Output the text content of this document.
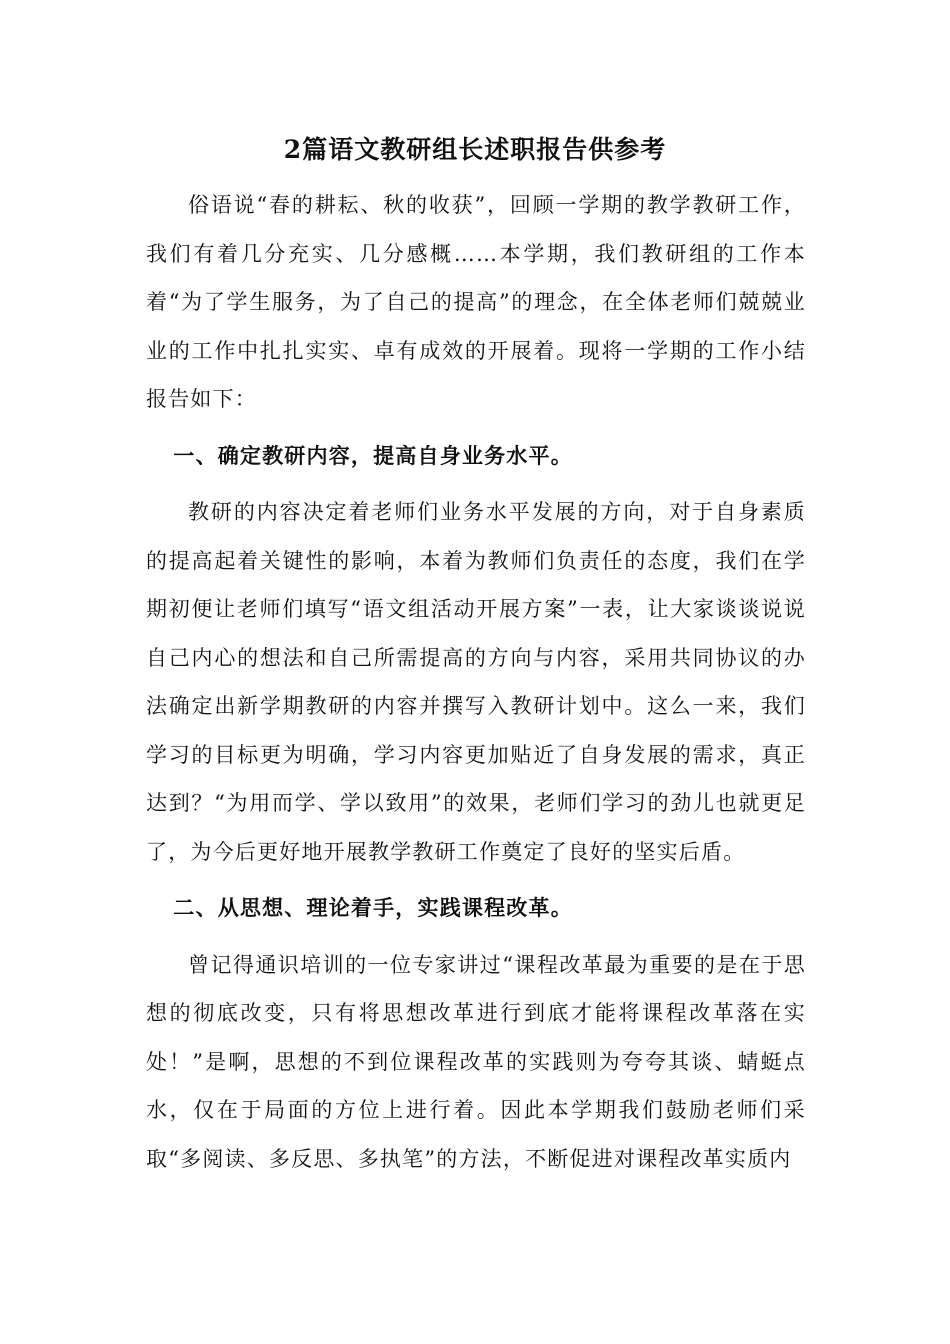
2篇语文教研组长述职报告供参考

俗语说“春的耕耘、秋的收获”，回顾一学期的教学教研工作，我们有着几分充实、几分感概……本学期，我们教研组的工作本着“为了学生服务，为了自己的提高”的理念，在全体老师们兢兢业业的工作中扎扎实实、卓有成效的开展着。现将一学期的工作小结报告如下：

一、确定教研内容，提高自身业务水平。

教研的内容决定着老师们业务水平发展的方向，对于自身素质的提高起着关键性的影响，本着为教师们负责任的态度，我们在学期初便让老师们填写“语文组活动开展方案”一表，让大家谈谈说说自己内心的想法和自己所需提高的方向与内容，采用共同协议的办法确定出新学期教研的内容并撰写入教研计划中。这么一来，我们学习的目标更为明确，学习内容更加贴近了自身发展的需求，真正达到？“为用而学、学以致用”的效果，老师们学习的劲儿也就更足了，为今后更好地开展教学教研工作奠定了良好的坚实后盾。

二、从思想、理论着手，实践课程改革。

曾记得通识培训的一位专家讲过“课程改革最为重要的是在于思想的彻底改变，只有将思想改革进行到底才能将课程改革落在实处！”是啊，思想的不到位课程改革的实践则为夸夸其谈、蜻蜓点水，仅在于局面的方位上进行着。因此本学期我们鼓励老师们采取“多阅读、多反思、多执笔”的方法，不断促进对课程改革实质内
